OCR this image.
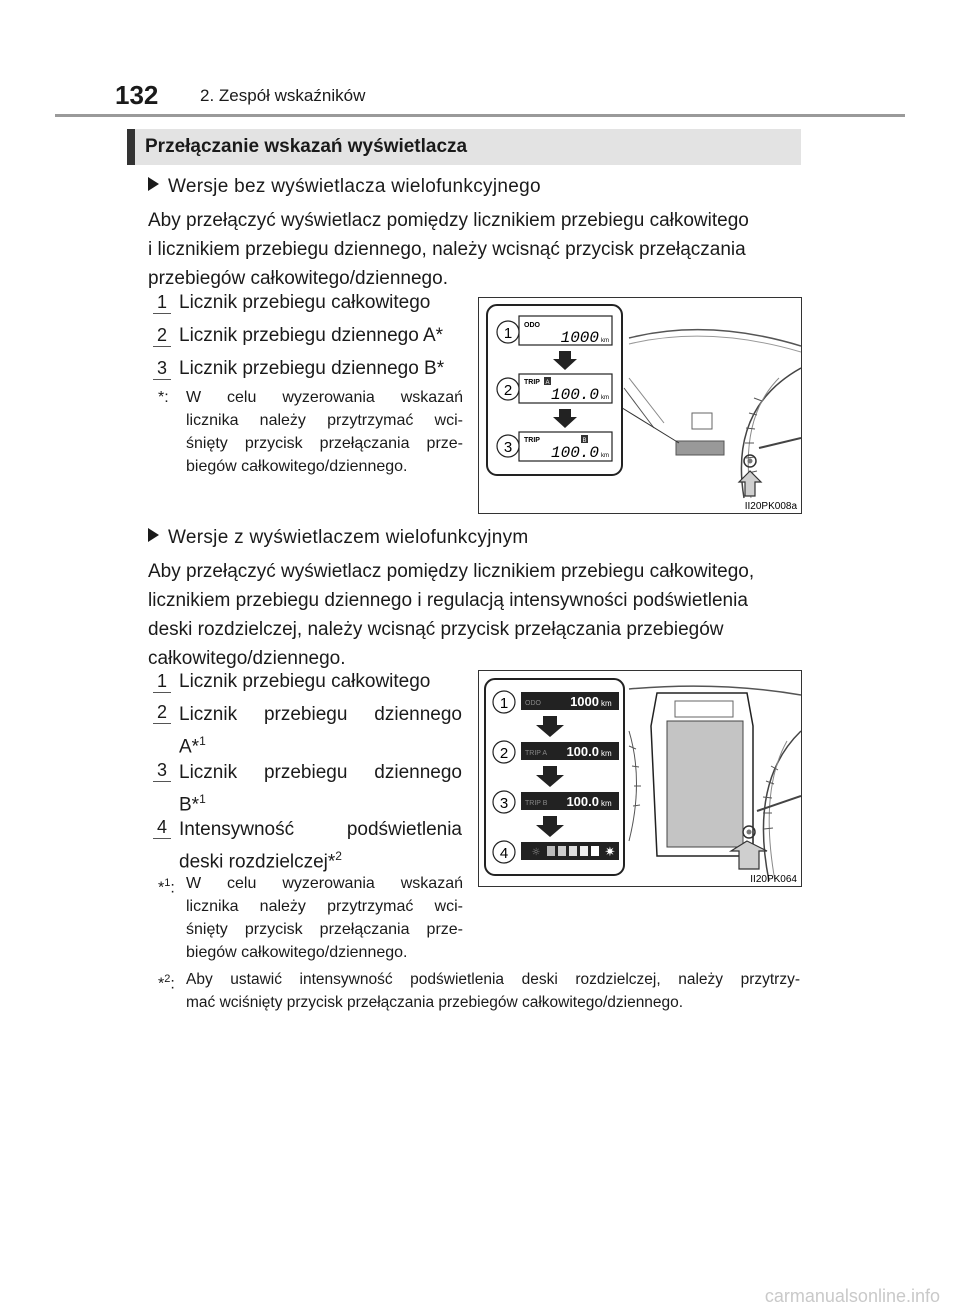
132 2. Zespół wskaźników
Przełączanie wskazań wyświetlacza
Wersje bez wyświetlacza wielofunkcyjnego
Aby przełączyć wyświetlacz pomiędzy licznikiem przebiegu całkowitego
i licznikiem przebiegu dziennego, należy wcisnąć przycisk przełączania
przebiegów całkowitego/dziennego.
1 Licznik przebiegu całkowitego
2 Licznik przebiegu dziennego A*
3 Licznik przebiegu dziennego B*
*:	W celu wyzerowania wskazań
licznika należy przytrzymać wci-
śnięty przycisk przełączania prze-
biegów całkowitego/dziennego.
1
2
3
ODO
1000 km
TRIP A
100.0 km
TRIP	B
100.0 km
II20PK008a
Wersje z wyświetlaczem wielofunkcyjnym
Aby przełączyć wyświetlacz pomiędzy licznikiem przebiegu całkowitego,
licznikiem przebiegu dziennego i regulacją intensywności podświetlenia
deski rozdzielczej, należy wcisnąć przycisk przełączania przebiegów
całkowitego/dziennego.
1 Licznik przebiegu całkowitego
2 Licznik przebiegu dziennego
A*$^1$
3 Licznik przebiegu dziennego
B*$^1$
4 Intensywność podświetlenia
deski rozdzielczej*$^2$
*$^1$: W celu wyzerowania wskazań
licznika należy przytrzymać wci-
śnięty przycisk przełączania prze-
biegów całkowitego/dziennego.
*$^2$: Aby ustawić intensywność podświetlenia deski rozdzielczej, należy przytrzy-
mać wciśnięty przycisk przełączania przebiegów całkowitego/dziennego.
1
2
3
4
ODO 1000 km
TRIP A 100.0 km
TRIP B 100.0 km
☼	✷
II20PK064
carmanualsonline.info
